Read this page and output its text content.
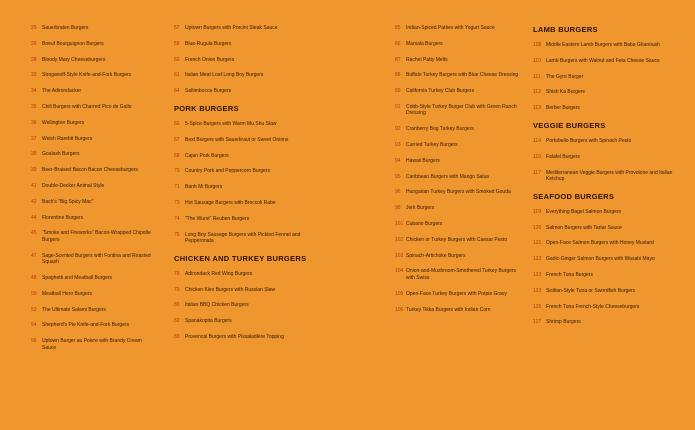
25	Sauerbraten Burgers
26	Boeuf Bourguignon Burgers
28	Bloody Mary Cheeseburgers
33	Stroganoff-Style Knife-and-Fork Burgers
34	The Adirondacker
35	Chili Burgers with Charred Pico de Gallo
36	Wellington Burgers
37	Welsh Rarebit Burgers
38	Goulash Burgers
39	Beer-Braised Bacon Bacon Cheeseburgers
41	Double-Decker Animal Style
42	Bach's “Big Spicy Mac”
44	Florentine Burgers
45	“Smoke and Fireworks” Bacon-Wrapped Chipotle Burgers
47	Sage-Scented Burgers with Fontina and Roasted Squash
48	Spaghetti and Meatball Burgers
50	Meatball Hero Burgers
52	The Ultimate Salami Burgers
54	Shepherd's Pie Knife-and-Fork Burgers
56	Uptown Burger au Poivre with Brandy Cream Sauce
57	Uptown Burgers with Porcini Steak Sauce
58	Blue-Rugula Burgers
60	French Onion Burgers
61	Italian Meat Loaf Long Boy Burgers
64	Saltimbocca Burgers
PORK BURGERS
66	5-Spice Burgers with Warm Mu Shu Slaw
67	Best Burgers with Sauerkraut or Sweet Onions
68	Cajun Pork Burgers
70	Country Pork and Peppercorn Burgers
71	Banh Mi Burgers
73	Hot Sausage Burgers with Broccoli Rabe
74	“The Wurst” Reuben Burgers
76	Long Boy Sausage Burgers with Pickled Fennel and Pepperonata
CHICKEN AND TURKEY BURGERS
78	Adirondack Red Wing Burgers
79	Chicken Kiev Burgers with Russian Slaw
80	Italian BBQ Chicken Burgers
82	Spanakopita Burgers
83	Provencal Burgers with Pissaladière Topping
85	Indian-Spiced Patties with Yogurt Sauce
86	Marsala Burgers
87	Rachel Patty Melts
88	Buffalo Turkey Burgers with Blue Cheese Dressing
89	California Turkey Club Burgers
91	Cobb-Style Turkey Burger Club with Green Ranch Dressing
92	Cranberry Bog Turkey Burgers
93	Curried Turkey Burgers
94	Hawaii Burgers
95	Caribbean Burgers with Mango Salsa
96	Hungarian Turkey Burgers with Smoked Gouda
98	Jerk Burgers
101 Cubano Burgers
102 Chicken or Turkey Burgers with Caesar Pesto
103 Spinach-Artichoke Burgers
104 Onion-and-Mushroom-Smothered Turkey Burgers with Swiss
105 Open-Face Turkey Burgers with Potpie Gravy
106 Turkey Tikka Burgers with Indian Corn
LAMB BURGERS
108 Middle Eastern Lamb Burgers with Baba Ghanoush
110	Lamb Burgers with Walnut and Feta Cheese Sauce
111	The Gyro Burger
112	Shish Ka Burgers
113	Berber Burgers
VEGGIE BURGERS
114	Portobello Burgers with Spinach Pesto
116	Falafel Burgers
117	Mediterranean Veggie Burgers with Provolone and Italian Ketchup
SEAFOOD BURGERS
119	Everything Bagel Salmon Burgers
120 Salmon Burgers with Tartar Sauce
121 Open-Face Salmon Burgers with Honey Mustard
122 Garlic-Ginger Salmon Burgers with Wasabi Mayo
123 French Tuna Burgers
123 Sicilian-Style Tuna or Swordfish Burgers
125 French Tuna French-Style Cheeseburgers
127 Shrimp Burgers
